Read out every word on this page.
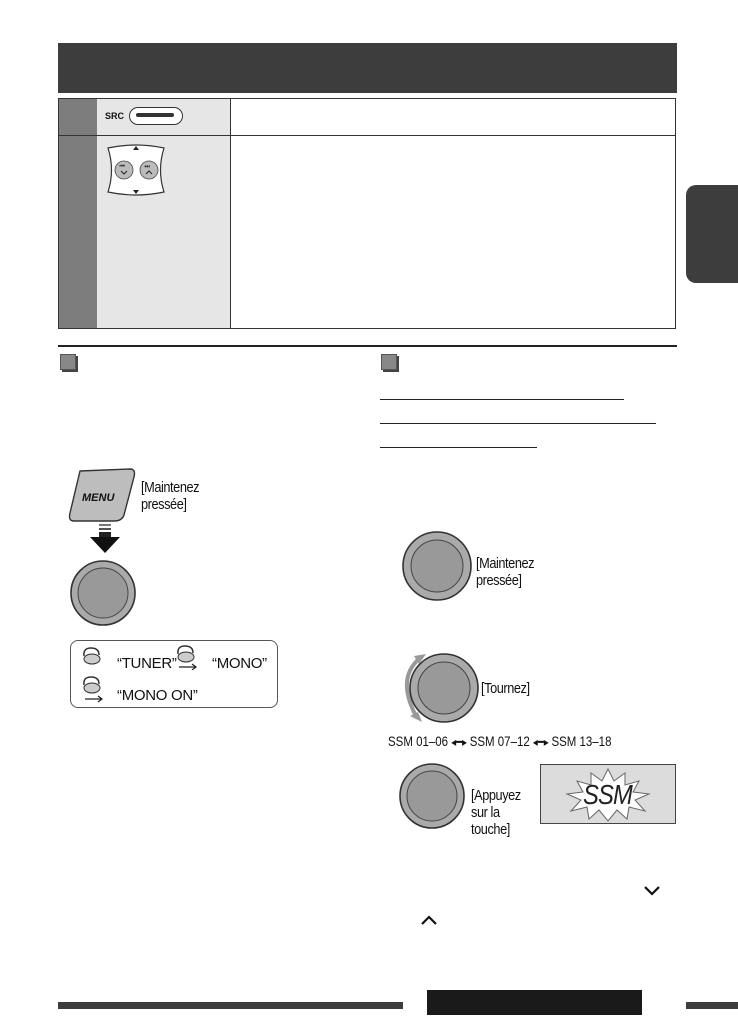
SRC
⏮	⏭
MENU
[Maintenez pressée]
“TUNER” “MONO”
“MONO ON”
[Maintenez pressée]
[Tournez]
SSM 01–06 ◂━▸ SSM 07–12 ◂━▸ SSM 13–18
[Appuyez sur la touche]
SSM
